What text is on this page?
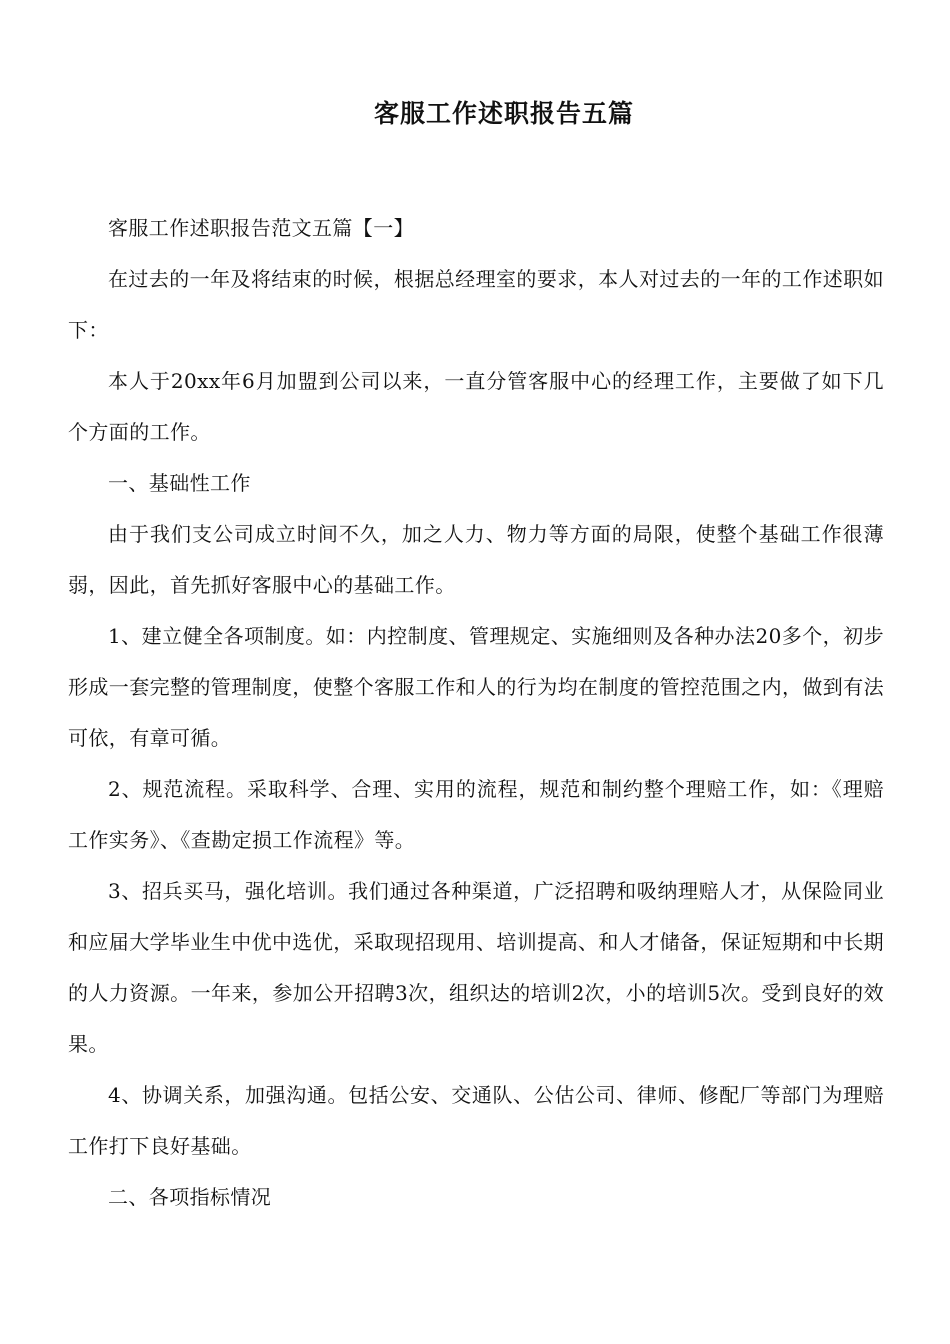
客服工作述职报告五篇

客服工作述职报告范文五篇【一】

在过去的一年及将结束的时候，根据总经理室的要求，本人对过去的一年的工作述职如下：

本人于20xx年6月加盟到公司以来，一直分管客服中心的经理工作，主要做了如下几个方面的工作。

一、基础性工作

由于我们支公司成立时间不久，加之人力、物力等方面的局限，使整个基础工作很薄弱，因此，首先抓好客服中心的基础工作。

1、建立健全各项制度。如：内控制度、管理规定、实施细则及各种办法20多个，初步形成一套完整的管理制度，使整个客服工作和人的行为均在制度的管控范围之内，做到有法可依，有章可循。

2、规范流程。采取科学、合理、实用的流程，规范和制约整个理赔工作，如：《理赔工作实务》、《查勘定损工作流程》等。

3、招兵买马，强化培训。我们通过各种渠道，广泛招聘和吸纳理赔人才，从保险同业和应届大学毕业生中优中选优，采取现招现用、培训提高、和人才储备，保证短期和中长期的人力资源。一年来，参加公开招聘3次，组织达的培训2次，小的培训5次。受到良好的效果。

4、协调关系，加强沟通。包括公安、交通队、公估公司、律师、修配厂等部门为理赔工作打下良好基础。

二、各项指标情况
